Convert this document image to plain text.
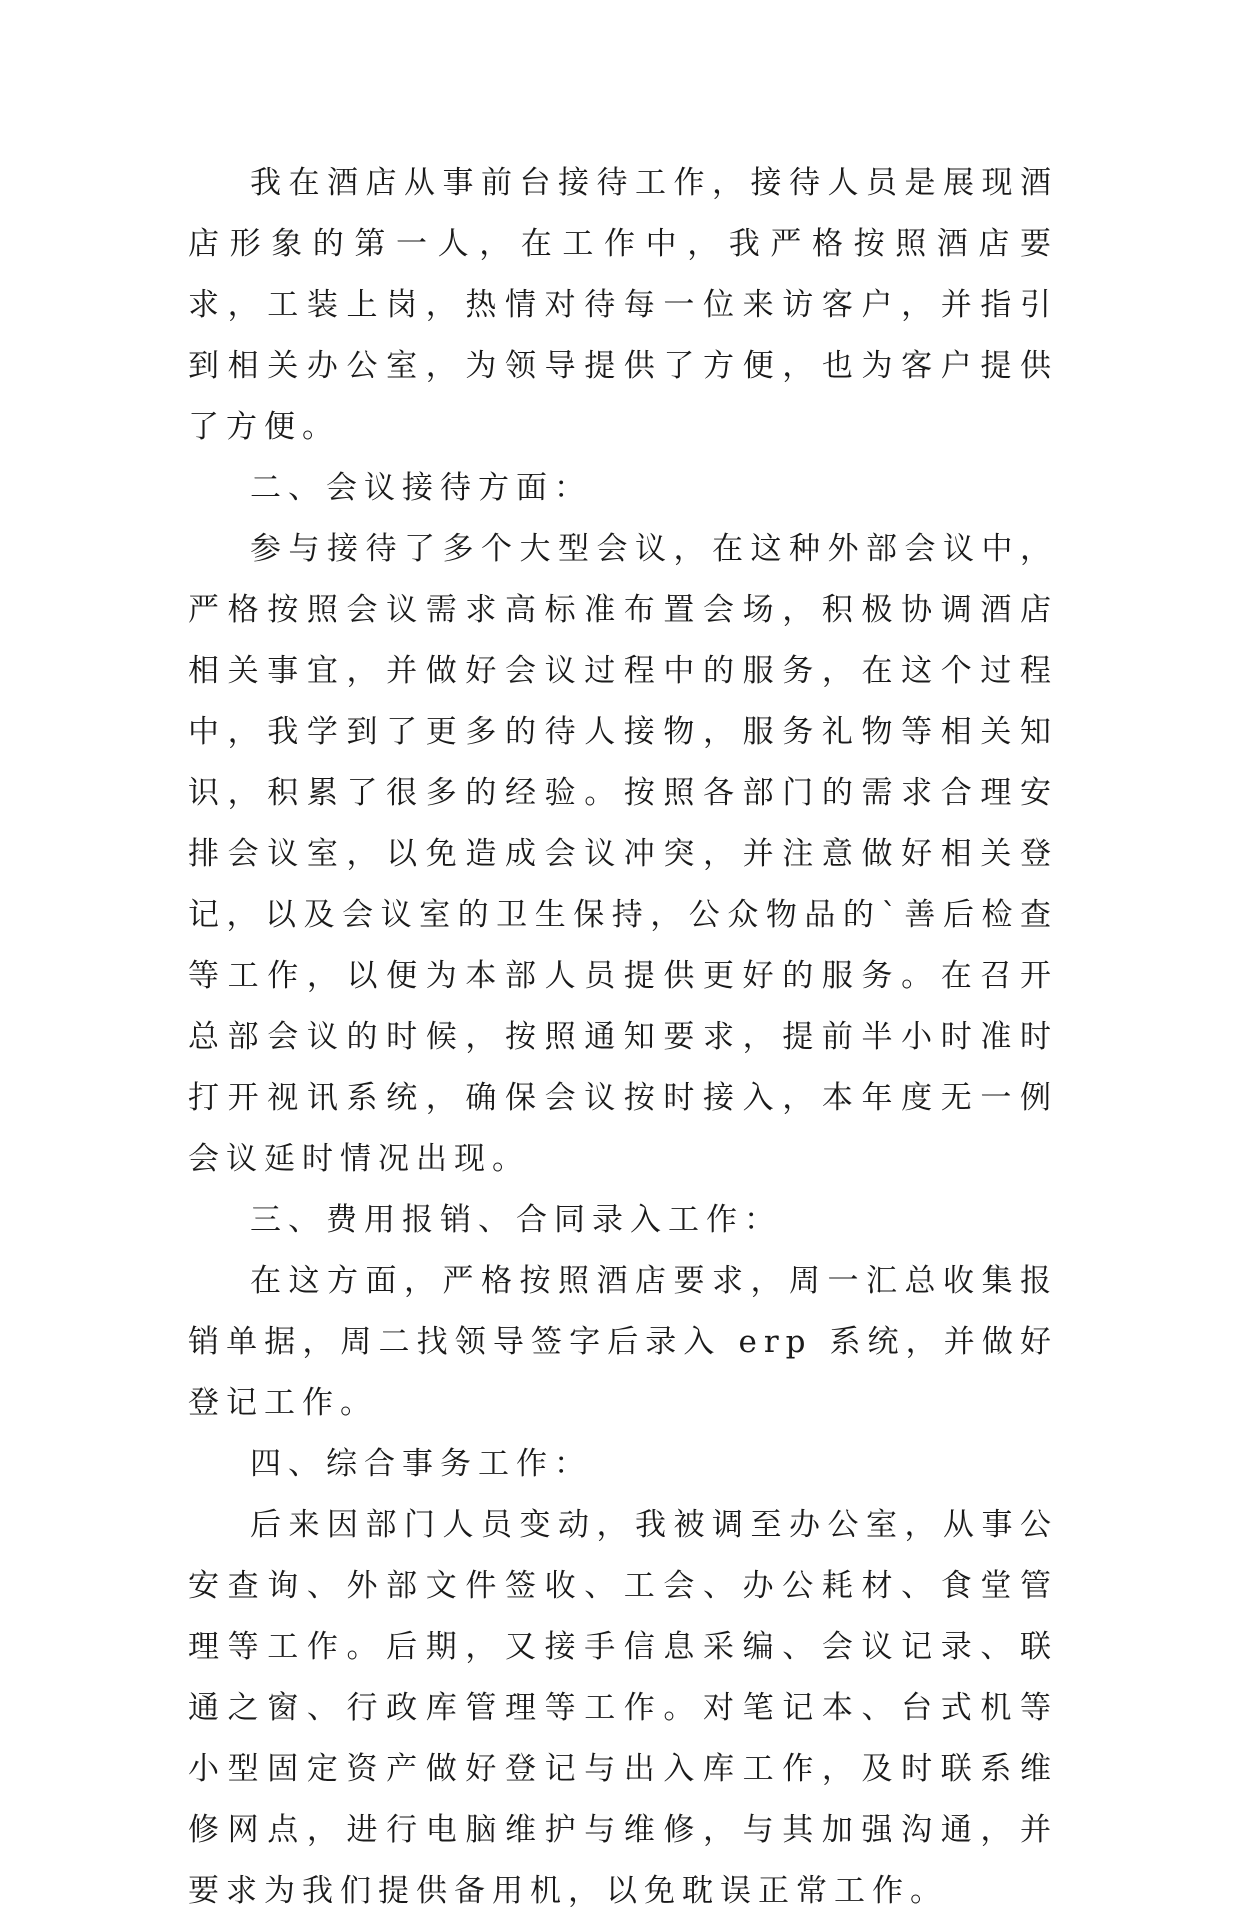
我在酒店从事前台接待工作，接待人员是展现酒店形象的第一人，在工作中，我严格按照酒店要求，工装上岗，热情对待每一位来访客户，并指引到相关办公室，为领导提供了方便，也为客户提供了方便。

二、会议接待方面：

参与接待了多个大型会议，在这种外部会议中，严格按照会议需求高标准布置会场，积极协调酒店相关事宜，并做好会议过程中的服务，在这个过程中，我学到了更多的待人接物，服务礼物等相关知识，积累了很多的经验。按照各部门的需求合理安排会议室，以免造成会议冲突，并注意做好相关登记，以及会议室的卫生保持，公众物品的`善后检查等工作，以便为本部人员提供更好的服务。在召开总部会议的时候，按照通知要求，提前半小时准时打开视讯系统，确保会议按时接入，本年度无一例会议延时情况出现。

三、费用报销、合同录入工作：

在这方面，严格按照酒店要求，周一汇总收集报销单据，周二找领导签字后录入 erp 系统，并做好登记工作。

四、综合事务工作：

后来因部门人员变动，我被调至办公室，从事公安查询、外部文件签收、工会、办公耗材、食堂管理等工作。后期，又接手信息采编、会议记录、联通之窗、行政库管理等工作。对笔记本、台式机等小型固定资产做好登记与出入库工作，及时联系维修网点，进行电脑维护与维修，与其加强沟通，并要求为我们提供备用机，以免耽误正常工作。
